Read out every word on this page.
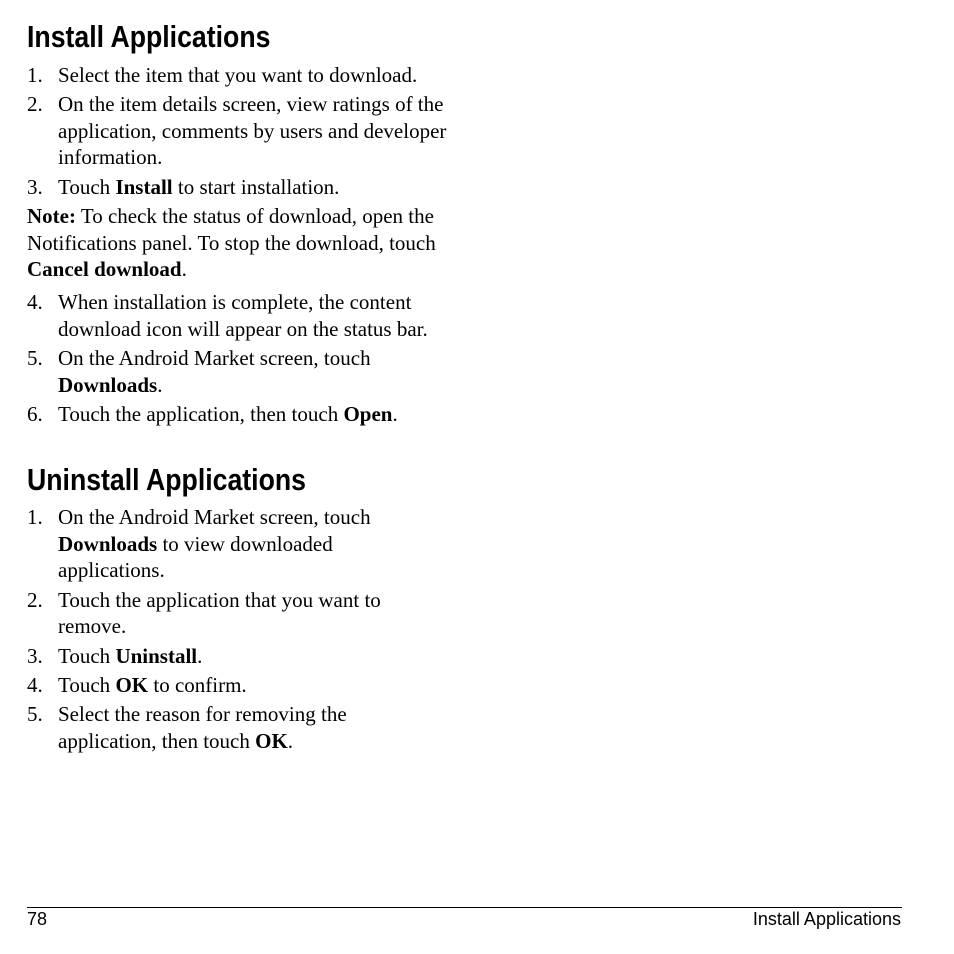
Install Applications
1. Select the item that you want to download.
2. On the item details screen, view ratings of the application, comments by users and developer information.
3. Touch Install to start installation.
Note: To check the status of download, open the Notifications panel. To stop the download, touch Cancel download.
4. When installation is complete, the content download icon will appear on the status bar.
5. On the Android Market screen, touch Downloads.
6. Touch the application, then touch Open.
Uninstall Applications
1. On the Android Market screen, touch Downloads to view downloaded applications.
2. Touch the application that you want to remove.
3. Touch Uninstall.
4. Touch OK to confirm.
5. Select the reason for removing the application, then touch OK.
78	Install Applications
